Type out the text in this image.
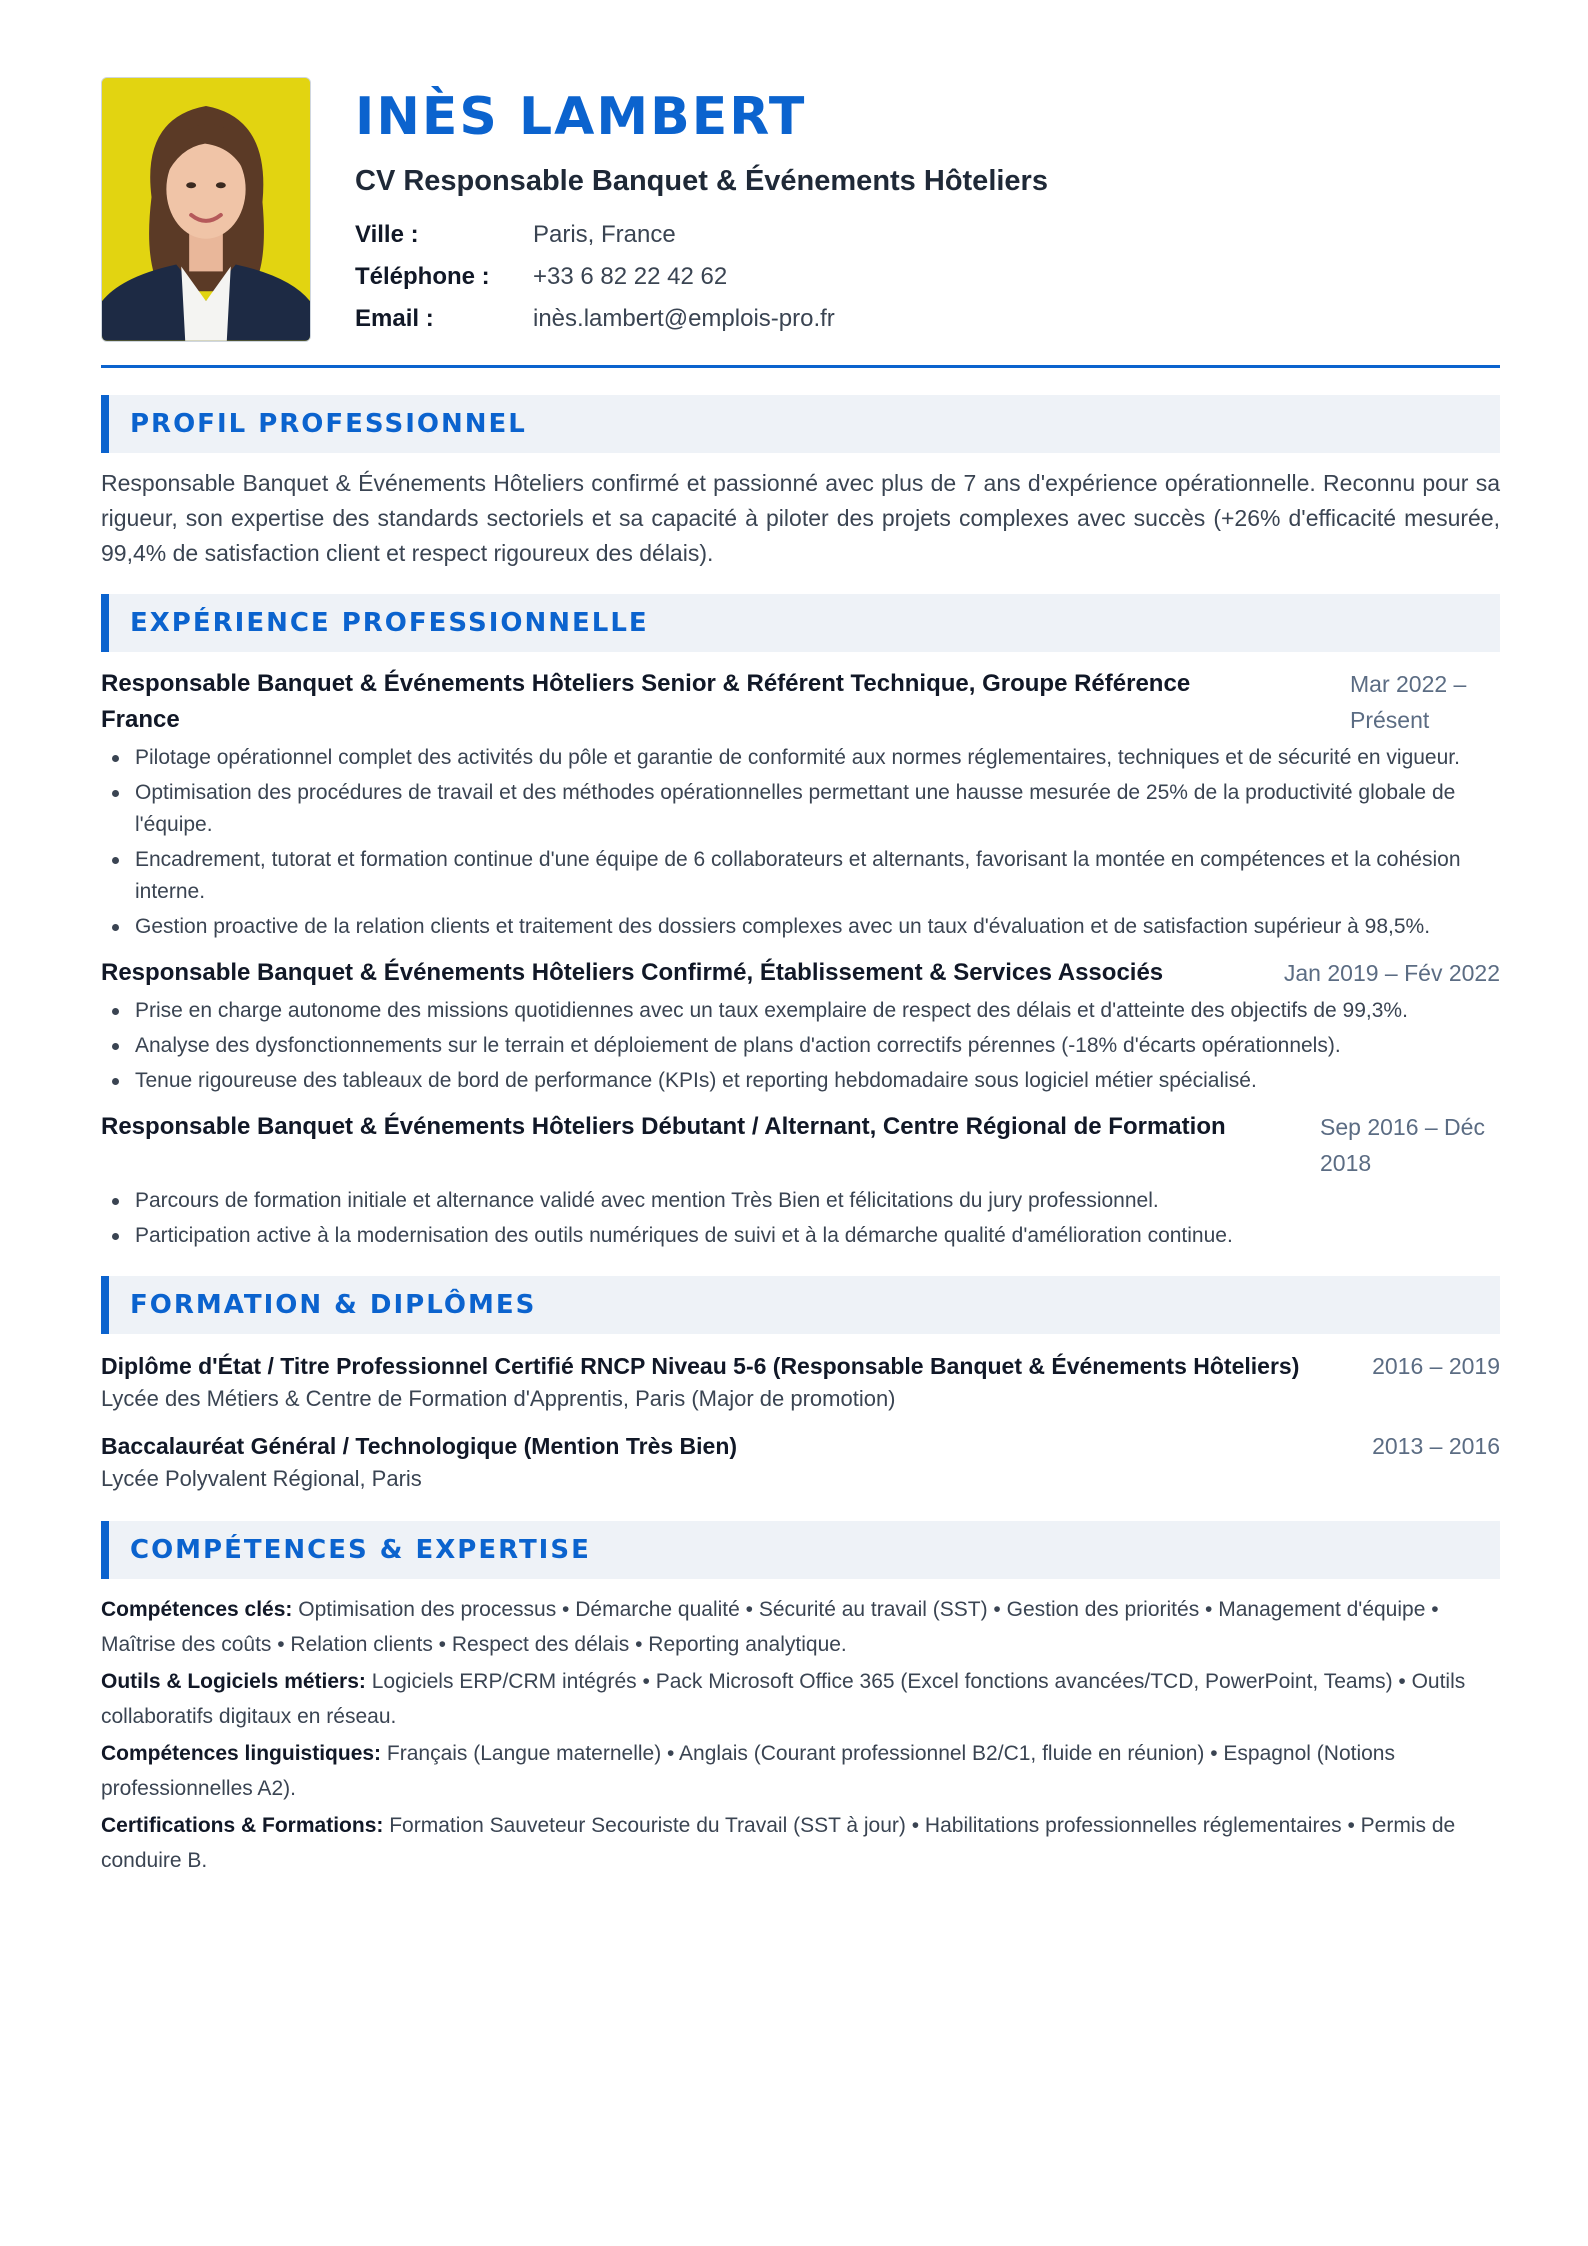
INÈS LAMBERT
CV Responsable Banquet & Événements Hôteliers
Ville :	Paris, France
Téléphone :	+33 6 82 22 42 62
Email :	inès.lambert@emplois-pro.fr
PROFIL PROFESSIONNEL

Responsable Banquet & Événements Hôteliers confirmé et passionné avec plus de 7 ans d'expérience opérationnelle. Reconnu pour sa rigueur, son expertise des standards sectoriels et sa capacité à piloter des projets complexes avec succès (+26% d'efficacité mesurée, 99,4% de satisfaction client et respect rigoureux des délais).

EXPÉRIENCE PROFESSIONNELLE
Responsable Banquet & Événements Hôteliers Senior & Référent Technique, Groupe Référence France
Mar 2022 – Présent
Pilotage opérationnel complet des activités du pôle et garantie de conformité aux normes réglementaires, techniques et de sécurité en vigueur.
Optimisation des procédures de travail et des méthodes opérationnelles permettant une hausse mesurée de 25% de la productivité globale de l'équipe.
Encadrement, tutorat et formation continue d'une équipe de 6 collaborateurs et alternants, favorisant la montée en compétences et la cohésion interne.
Gestion proactive de la relation clients et traitement des dossiers complexes avec un taux d'évaluation et de satisfaction supérieur à 98,5%.
Responsable Banquet & Événements Hôteliers Confirmé, Établissement & Services Associés	Jan 2019 – Fév 2022
Prise en charge autonome des missions quotidiennes avec un taux exemplaire de respect des délais et d'atteinte des objectifs de 99,3%.
Analyse des dysfonctionnements sur le terrain et déploiement de plans d'action correctifs pérennes (-18% d'écarts opérationnels).
Tenue rigoureuse des tableaux de bord de performance (KPIs) et reporting hebdomadaire sous logiciel métier spécialisé.
Responsable Banquet & Événements Hôteliers Débutant / Alternant, Centre Régional de Formation	Sep 2016 – Déc 2018
Parcours de formation initiale et alternance validé avec mention Très Bien et félicitations du jury professionnel.
Participation active à la modernisation des outils numériques de suivi et à la démarche qualité d'amélioration continue.
FORMATION & DIPLÔMES
Diplôme d'État / Titre Professionnel Certifié RNCP Niveau 5-6 (Responsable Banquet & Événements Hôteliers)	2016 – 2019
Lycée des Métiers & Centre de Formation d'Apprentis, Paris (Major de promotion)
Baccalauréat Général / Technologique (Mention Très Bien)	2013 – 2016
Lycée Polyvalent Régional, Paris
COMPÉTENCES & EXPERTISE

Compétences clés: Optimisation des processus • Démarche qualité • Sécurité au travail (SST) • Gestion des priorités • Management d'équipe • Maîtrise des coûts • Relation clients • Respect des délais • Reporting analytique.

Outils & Logiciels métiers: Logiciels ERP/CRM intégrés • Pack Microsoft Office 365 (Excel fonctions avancées/TCD, PowerPoint, Teams) • Outils collaboratifs digitaux en réseau.

Compétences linguistiques: Français (Langue maternelle) • Anglais (Courant professionnel B2/C1, fluide en réunion) • Espagnol (Notions professionnelles A2).

Certifications & Formations: Formation Sauveteur Secouriste du Travail (SST à jour) • Habilitations professionnelles réglementaires • Permis de conduire B.
